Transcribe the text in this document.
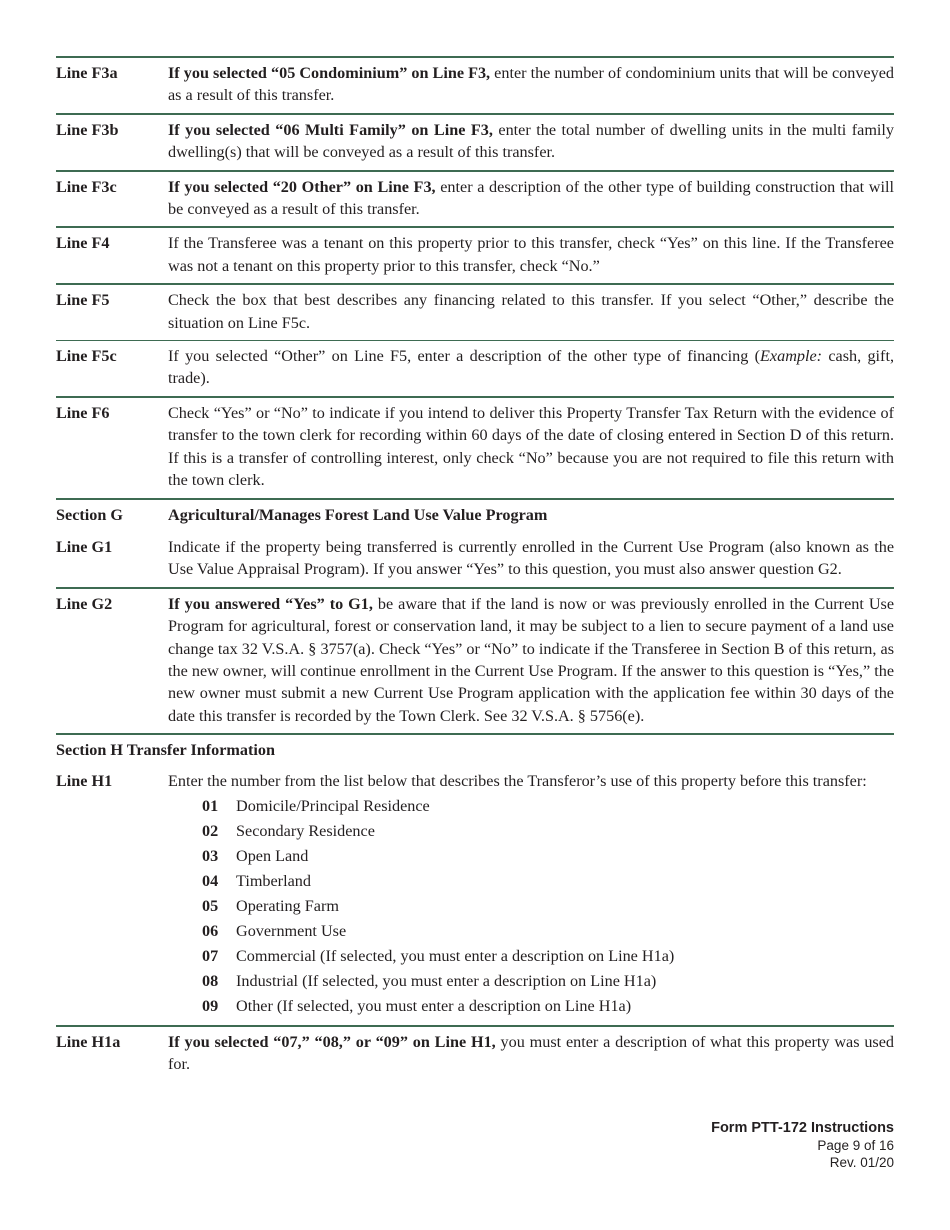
Line F3a	If you selected “05 Condominium” on Line F3, enter the number of condominium units that will be conveyed as a result of this transfer.
Line F3b	If you selected “06 Multi Family” on Line F3, enter the total number of dwelling units in the multi family dwelling(s) that will be conveyed as a result of this transfer.
Line F3c	If you selected “20 Other” on Line F3, enter a description of the other type of building construction that will be conveyed as a result of this transfer.
Line F4	If the Transferee was a tenant on this property prior to this transfer, check “Yes” on this line. If the Transferee was not a tenant on this property prior to this transfer, check “No.”
Line F5	Check the box that best describes any financing related to this transfer. If you select “Other,” describe the situation on Line F5c.
Line F5c	If you selected “Other” on Line F5, enter a description of the other type of financing (Example: cash, gift, trade).
Line F6	Check “Yes” or “No” to indicate if you intend to deliver this Property Transfer Tax Return with the evidence of transfer to the town clerk for recording within 60 days of the date of closing entered in Section D of this return. If this is a transfer of controlling interest, only check “No” because you are not required to file this return with the town clerk.
Section G	Agricultural/Manages Forest Land Use Value Program
Line G1	Indicate if the property being transferred is currently enrolled in the Current Use Program (also known as the Use Value Appraisal Program). If you answer “Yes” to this question, you must also answer question G2.
Line G2	If you answered “Yes” to G1, be aware that if the land is now or was previously enrolled in the Current Use Program for agricultural, forest or conservation land, it may be subject to a lien to secure payment of a land use change tax 32 V.S.A. § 3757(a). Check “Yes” or “No” to indicate if the Transferee in Section B of this return, as the new owner, will continue enrollment in the Current Use Program. If the answer to this question is “Yes,” the new owner must submit a new Current Use Program application with the application fee within 30 days of the date this transfer is recorded by the Town Clerk. See 32 V.S.A. § 5756(e).
Section H Transfer Information
Line H1	Enter the number from the list below that describes the Transferor’s use of this property before this transfer:
01	Domicile/Principal Residence
02	Secondary Residence
03	Open Land
04	Timberland
05	Operating Farm
06	Government Use
07	Commercial (If selected, you must enter a description on Line H1a)
08	Industrial (If selected, you must enter a description on Line H1a)
09	Other (If selected, you must enter a description on Line H1a)
Line H1a	If you selected “07,” “08,” or “09” on Line H1, you must enter a description of what this property was used for.
Form PTT-172 Instructions
Page 9 of 16
Rev. 01/20
